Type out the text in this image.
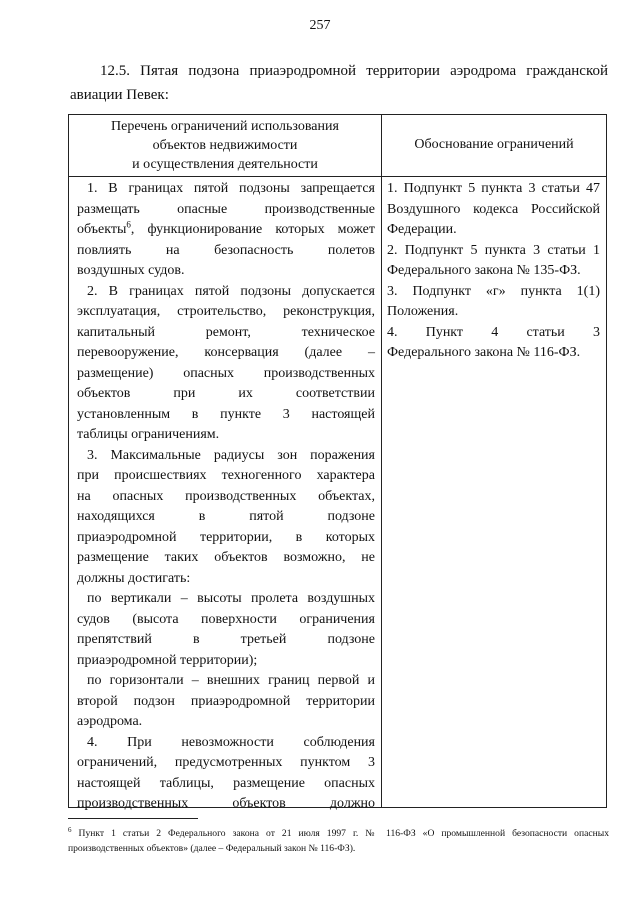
257
12.5. Пятая подзона приаэродромной территории аэродрома гражданской
авиации Певек:
Перечень ограничений использования
объектов недвижимости
и осуществления деятельности
Обоснование ограничений
1. В границах пятой подзоны запрещается
размещать опасные производственные
объекты$^6$, функционирование которых может
повлиять на безопасность полетов
воздушных судов.
2. В границах пятой подзоны допускается
эксплуатация, строительство, реконструкция,
капитальный ремонт, техническое
перевооружение, консервация (далее –
размещение) опасных производственных
объектов при их соответствии
установленным в пункте 3 настоящей
таблицы ограничениям.
3. Максимальные радиусы зон поражения
при происшествиях техногенного характера
на опасных производственных объектах,
находящихся в пятой подзоне
приаэродромной территории, в которых
размещение таких объектов возможно, не
должны достигать:
по вертикали – высоты пролета воздушных
судов (высота поверхности ограничения
препятствий в третьей подзоне
приаэродромной территории);
по горизонтали – внешних границ первой и
второй подзон приаэродромной территории
аэродрома.
4. При невозможности соблюдения
ограничений, предусмотренных пунктом 3
настоящей таблицы, размещение опасных
производственных объектов должно
1. Подпункт 5 пункта 3 статьи 47
Воздушного кодекса Российской
Федерации.
2. Подпункт 5 пункта 3 статьи 1
Федерального закона № 135-ФЗ.
3. Подпункт «г» пункта 1(1)
Положения.
4. Пункт 4 статьи 3
Федерального закона № 116-ФЗ.
$^6$ Пункт 1 статьи 2 Федерального закона от 21 июля 1997 г. № 116-ФЗ «О промышленной безопасности опасных
производственных объектов» (далее – Федеральный закон № 116-ФЗ).
